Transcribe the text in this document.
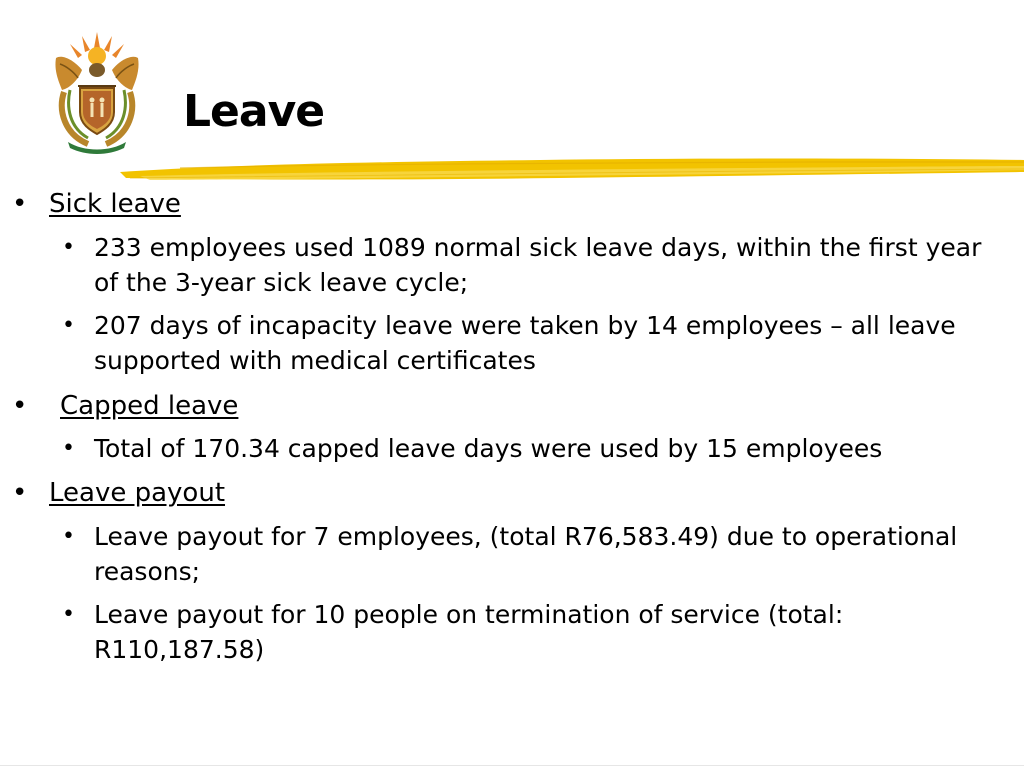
Leave
• Sick leave
• 233 employees used 1089 normal sick leave days, within the first year of the 3-year sick leave cycle;
• 207 days of incapacity leave were taken by 14 employees – all leave supported with medical certificates
• Capped leave
• Total of 170.34 capped leave days were used by 15 employees
• Leave payout
• Leave payout for 7 employees, (total R76,583.49) due to operational reasons;
• Leave payout for 10 people on termination of service (total: R110,187.58)
